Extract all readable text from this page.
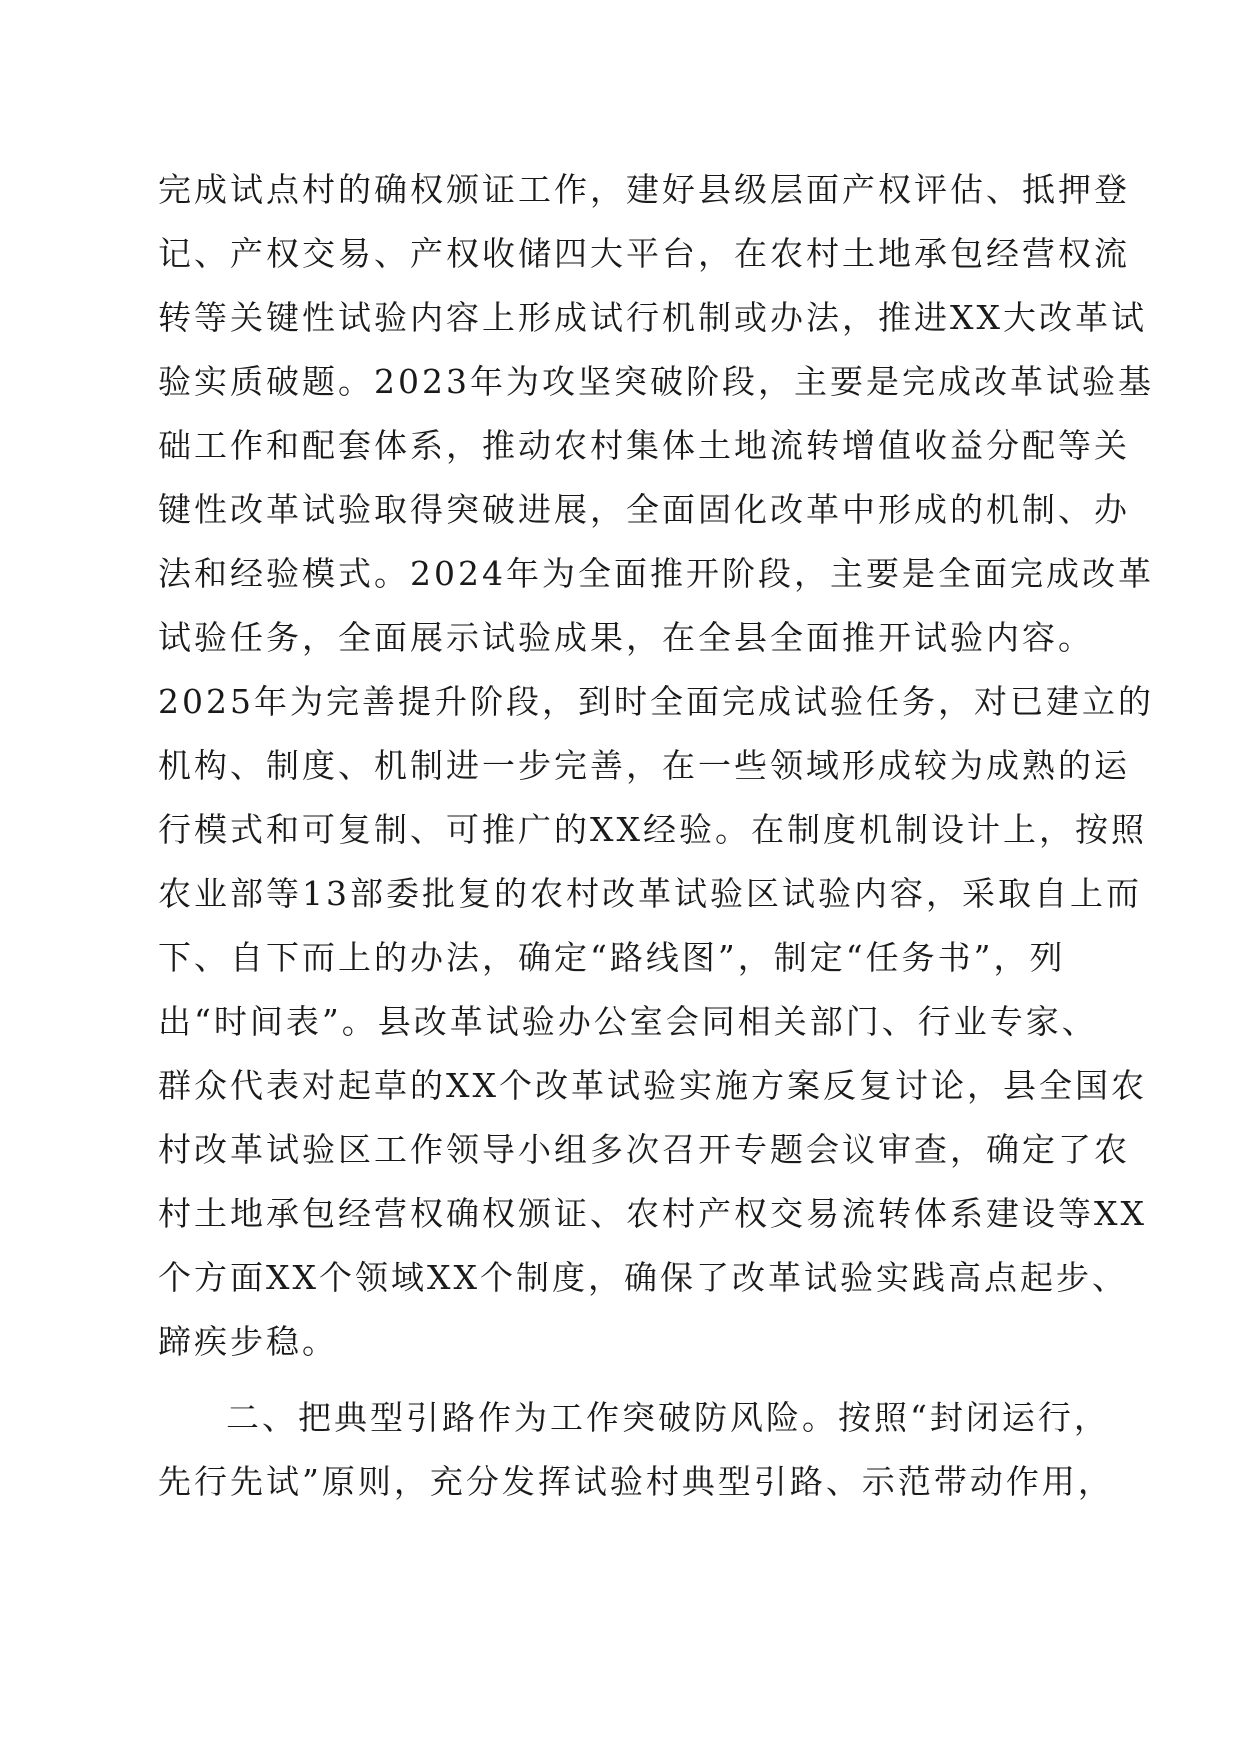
完成试点村的确权颁证工作，建好县级层面产权评估、抵押登
记、产权交易、产权收储四大平台，在农村土地承包经营权流
转等关键性试验内容上形成试行机制或办法，推进XX大改革试
验实质破题。2023年为攻坚突破阶段，主要是完成改革试验基
础工作和配套体系，推动农村集体土地流转增值收益分配等关
键性改革试验取得突破进展，全面固化改革中形成的机制、办
法和经验模式。2024年为全面推开阶段，主要是全面完成改革
试验任务，全面展示试验成果，在全县全面推开试验内容。
2025年为完善提升阶段，到时全面完成试验任务，对已建立的
机构、制度、机制进一步完善，在一些领域形成较为成熟的运
行模式和可复制、可推广的XX经验。在制度机制设计上，按照
农业部等13部委批复的农村改革试验区试验内容，采取自上而
下、自下而上的办法，确定“路线图”，制定“任务书”，列
出“时间表”。县改革试验办公室会同相关部门、行业专家、
群众代表对起草的XX个改革试验实施方案反复讨论，县全国农
村改革试验区工作领导小组多次召开专题会议审查，确定了农
村土地承包经营权确权颁证、农村产权交易流转体系建设等XX
个方面XX个领域XX个制度，确保了改革试验实践高点起步、
蹄疾步稳。
二、把典型引路作为工作突破防风险。按照“封闭运行，
先行先试”原则，充分发挥试验村典型引路、示范带动作用，
